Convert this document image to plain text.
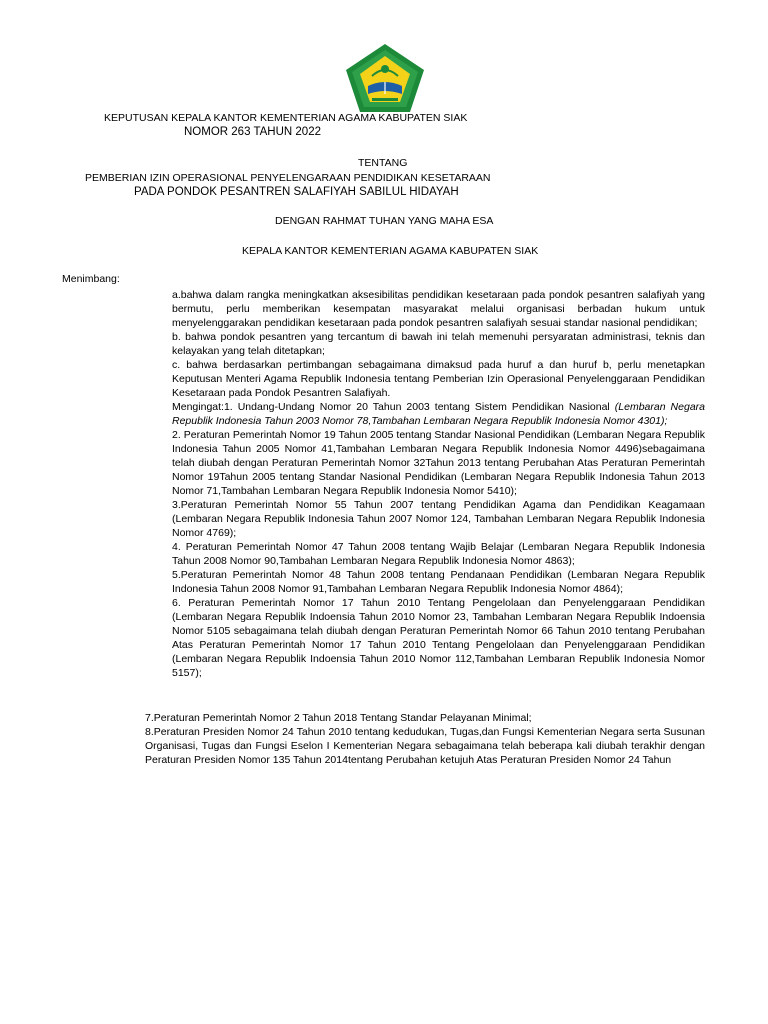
KEPUTUSAN KEPALA KANTOR KEMENTERIAN AGAMA KABUPATEN SIAK
NOMOR 263 TAHUN 2022
TENTANG
PEMBERIAN IZIN OPERASIONAL PENYELENGARAAN PENDIDIKAN KESETARAAN
PADA PONDOK PESANTREN SALAFIYAH SABILUL HIDAYAH
DENGAN RAHMAT TUHAN YANG MAHA ESA
KEPALA KANTOR KEMENTERIAN AGAMA KABUPATEN SIAK
Menimbang:

a.bahwa dalam rangka meningkatkan aksesibilitas pendidikan kesetaraan pada pondok pesantren salafiyah yang bermutu, perlu memberikan kesempatan masyarakat melalui organisasi berbadan hukum untuk menyelenggarakan pendidikan kesetaraan pada pondok pesantren salafiyah sesuai standar nasional pendidikan;

b. bahwa pondok pesantren yang tercantum di bawah ini telah memenuhi persyaratan administrasi, teknis dan kelayakan yang telah ditetapkan;

c. bahwa berdasarkan pertimbangan sebagaimana dimaksud pada huruf a dan huruf b, perlu menetapkan Keputusan Menteri Agama Republik Indonesia tentang Pemberian Izin Operasional Penyelenggaraan Pendidikan Kesetaraan pada Pondok Pesantren Salafiyah.

Mengingat:1. Undang-Undang Nomor 20 Tahun 2003 tentang Sistem Pendidikan Nasional (Lembaran Negara Republik Indonesia Tahun 2003 Nomor 78,Tambahan Lembaran Negara Republik Indonesia Nomor 4301);

2. Peraturan Pemerintah Nomor 19 Tahun 2005 tentang Standar Nasional Pendidikan (Lembaran Negara Republik Indonesia Tahun 2005 Nomor 41,Tambahan Lembaran Negara Republik Indonesia Nomor 4496)sebagaimana telah diubah dengan Peraturan Pemerintah Nomor 32Tahun 2013 tentang Perubahan Atas Peraturan Pemerintah Nomor 19Tahun 2005 tentang Standar Nasional Pendidikan (Lembaran Negara Republik Indonesia Tahun 2013 Nomor 71,Tambahan Lembaran Negara Republik Indonesia Nomor 5410);

3.Peraturan Pemerintah Nomor 55 Tahun 2007 tentang Pendidikan Agama dan Pendidikan Keagamaan (Lembaran Negara Republik Indonesia Tahun 2007 Nomor 124, Tambahan Lembaran Negara Republik Indonesia Nomor 4769);

4. Peraturan Pemerintah Nomor 47 Tahun 2008 tentang Wajib Belajar (Lembaran Negara Republik Indonesia Tahun 2008 Nomor 90,Tambahan Lembaran Negara Republik Indonesia Nomor 4863);

5.Peraturan Pemerintah Nomor 48 Tahun 2008 tentang Pendanaan Pendidikan (Lembaran Negara Republik Indonesia Tahun 2008 Nomor 91,Tambahan Lembaran Negara Republik Indonesia Nomor 4864);

6. Peraturan Pemerintah Nomor 17 Tahun 2010 Tentang Pengelolaan dan Penyelenggaraan Pendidikan (Lembaran Negara Republik Indoensia Tahun 2010 Nomor 23, Tambahan Lembaran Negara Republik Indoensia Nomor 5105 sebagaimana telah diubah dengan Peraturan Pemerintah Nomor 66 Tahun 2010 tentang Perubahan Atas Peraturan Pemerintah Nomor 17 Tahun 2010 Tentang Pengelolaan dan Penyelenggaraan Pendidikan (Lembaran Negara Republik Indoensia Tahun 2010 Nomor 112,Tambahan Lembaran Republik Indonesia Nomor 5157);

7.Peraturan Pemerintah Nomor 2 Tahun 2018 Tentang Standar Pelayanan Minimal;

8.Peraturan Presiden Nomor 24 Tahun 2010 tentang kedudukan, Tugas,dan Fungsi Kementerian Negara serta Susunan Organisasi, Tugas dan Fungsi Eselon I Kementerian Negara sebagaimana telah beberapa kali diubah terakhir dengan Peraturan Presiden Nomor 135 Tahun 2014tentang Perubahan ketujuh Atas Peraturan Presiden Nomor 24 Tahun
